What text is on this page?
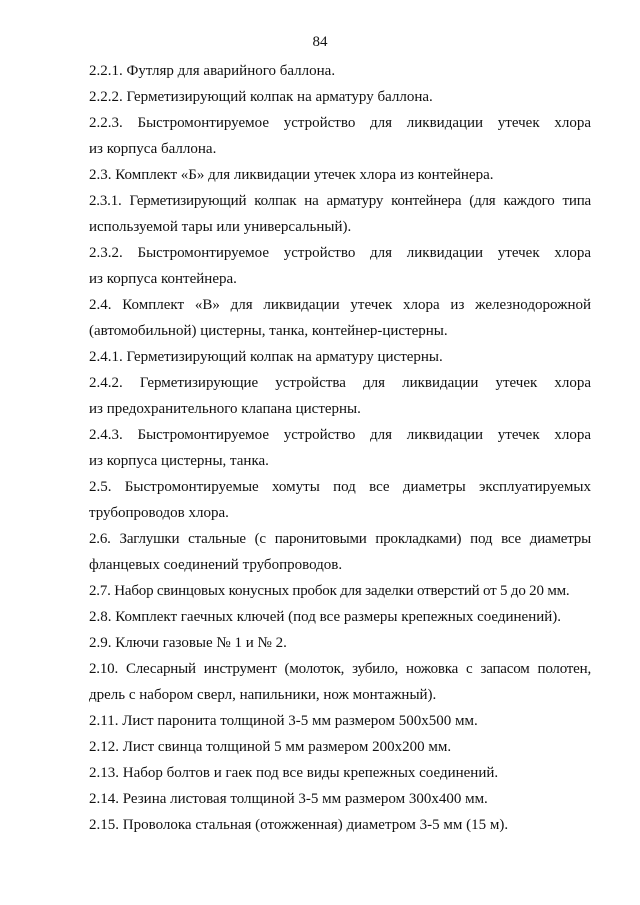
84

2.2.1. Футляр для аварийного баллона.

2.2.2. Герметизирующий колпак на арматуру баллона.

2.2.3. Быстромонтируемое устройство для ликвидации утечек хлора
из корпуса баллона.

2.3. Комплект «Б» для ликвидации утечек хлора из контейнера.

2.3.1. Герметизирующий колпак на арматуру контейнера (для каждого типа
используемой тары или универсальный).

2.3.2. Быстромонтируемое устройство для ликвидации утечек хлора
из корпуса контейнера.

2.4. Комплект «В» для ликвидации утечек хлора из железнодорожной
(автомобильной) цистерны, танка, контейнер-цистерны.

2.4.1. Герметизирующий колпак на арматуру цистерны.

2.4.2. Герметизирующие устройства для ликвидации утечек хлора
из предохранительного клапана цистерны.

2.4.3. Быстромонтируемое устройство для ликвидации утечек хлора
из корпуса цистерны, танка.

2.5. Быстромонтируемые хомуты под все диаметры эксплуатируемых
трубопроводов хлора.

2.6. Заглушки стальные (с паронитовыми прокладками) под все диаметры
фланцевых соединений трубопроводов.

2.7. Набор свинцовых конусных пробок для заделки отверстий от 5 до 20 мм.

2.8. Комплект гаечных ключей (под все размеры крепежных соединений).

2.9. Ключи газовые № 1 и № 2.

2.10. Слесарный инструмент (молоток, зубило, ножовка с запасом полотен,
дрель с набором сверл, напильники, нож монтажный).

2.11. Лист паронита толщиной 3-5 мм размером 500x500 мм.

2.12. Лист свинца толщиной 5 мм размером 200x200 мм.

2.13. Набор болтов и гаек под все виды крепежных соединений.

2.14. Резина листовая толщиной 3-5 мм размером 300x400 мм.

2.15. Проволока стальная (отожженная) диаметром 3-5 мм (15 м).
